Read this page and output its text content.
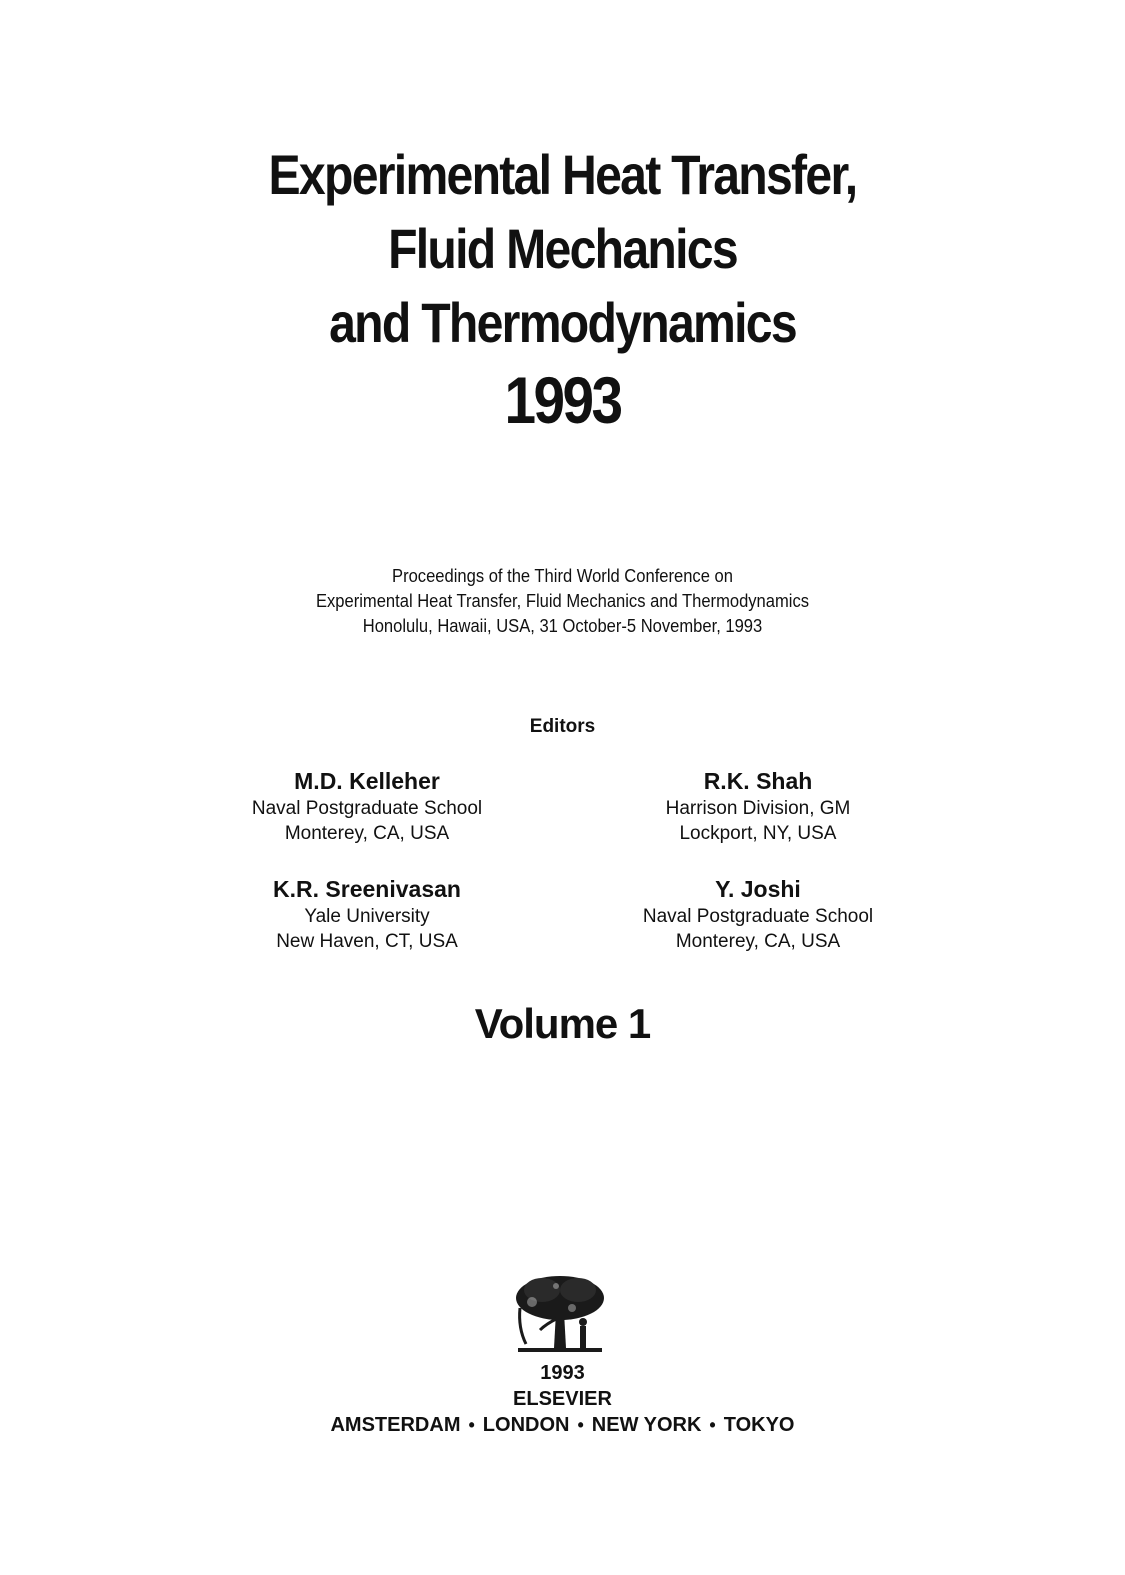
Experimental Heat Transfer,
Fluid Mechanics
and Thermodynamics
1993
Proceedings of the Third World Conference on
Experimental Heat Transfer, Fluid Mechanics and Thermodynamics
Honolulu, Hawaii, USA, 31 October-5 November, 1993
Editors
M.D. Kelleher
Naval Postgraduate School
Monterey, CA, USA
R.K. Shah
Harrison Division, GM
Lockport, NY, USA
K.R. Sreenivasan
Yale University
New Haven, CT, USA
Y. Joshi
Naval Postgraduate School
Monterey, CA, USA
Volume 1
1993
ELSEVIER
AMSTERDAM • LONDON • NEW YORK • TOKYO
